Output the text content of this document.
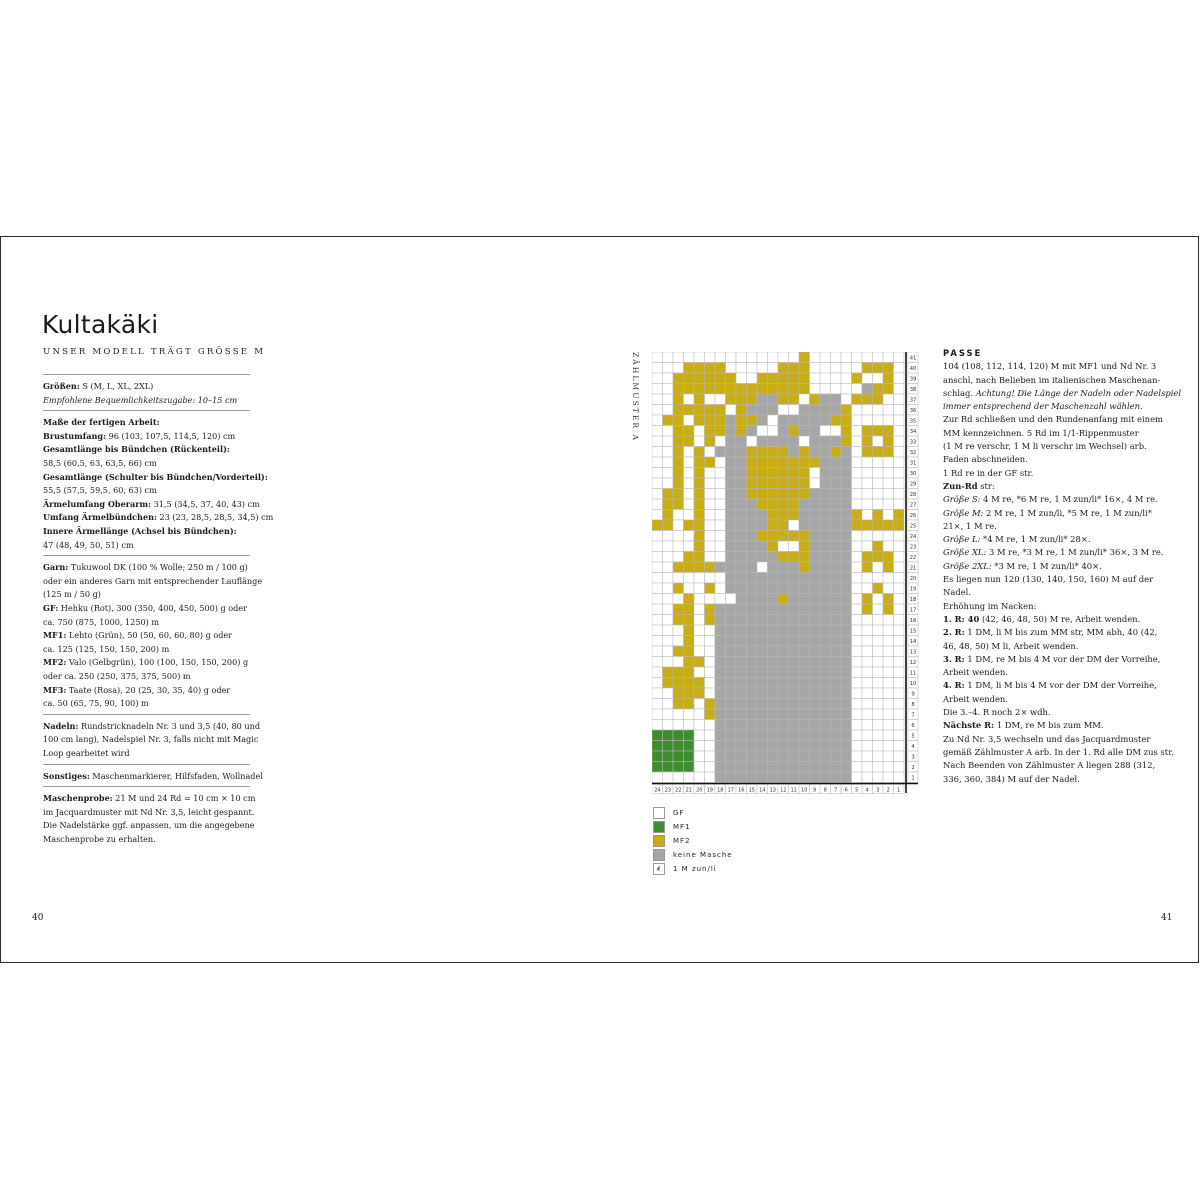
Kultakäki
UNSER MODELL TRÄGT GRÖSSE M
Größen: S (M, L, XL, 2XL)
Empfohlene Bequemlichkeitszugabe: 10–15 cm
Maße der fertigen Arbeit:
Brustumfang: 96 (103, 107,5, 114,5, 120) cm
Gesamtlänge bis Bündchen (Rückenteil):
58,5 (60,5, 63, 63,5, 66) cm
Gesamtlänge (Schulter bis Bündchen/Vorderteil):
55,5 (57,5, 59,5, 60, 63) cm
Ärmelumfang Oberarm: 31,5 (34,5, 37, 40, 43) cm
Umfang Ärmelbündchen: 23 (23, 28,5, 28,5, 34,5) cm
Innere Ärmellänge (Achsel bis Bündchen):
47 (48, 49, 50, 51) cm
Garn: Tukuwool DK (100 % Wolle; 250 m / 100 g)
oder ein anderes Garn mit entsprechender Lauflänge
(125 m / 50 g)
GF: Hehku (Rot), 300 (350, 400, 450, 500) g oder
ca. 750 (875, 1000, 1250) m
MF1: Lehto (Grün), 50 (50, 60, 60, 80) g oder
ca. 125 (125, 150, 150, 200) m
MF2: Valo (Gelbgrün), 100 (100, 150, 150, 200) g
oder ca. 250 (250, 375, 375, 500) m
MF3: Taate (Rosa), 20 (25, 30, 35, 40) g oder
ca. 50 (65, 75, 90, 100) m
Nadeln: Rundstricknadeln Nr. 3 und 3,5 (40, 80 und
100 cm lang), Nadelspiel Nr. 3, falls nicht mit Magic
Loop gearbeitet wird
Sonstiges: Maschenmarkierer, Hilfsfaden, Wollnadel
Maschenprobe: 21 M und 24 Rd = 10 cm × 10 cm
im Jacquardmuster mit Nd Nr. 3,5, leicht gespannt.
Die Nadelstärke ggf. anpassen, um die angegebene
Maschenprobe zu erhalten.
ZÄHLMUSTER A	41
40
39
38
37
36
35
34
33
32
31
30
29
28
27
26
25
24
23
22
21
20
19
18
17
16
15
14
13
12
11
10
9
8
7
6
5
4
3
2
1
24 23 22 21 20 19 18 17 16 15 14 13 12 11 10 9 8 7 6 5 4 3 2 1
GF
MF1
MF2
keine Masche
1 M zun/li
PASSE
104 (108, 112, 114, 120) M mit MF1 und Nd Nr. 3
anschl, nach Belieben im italienischen Maschenan-
schlag. Achtung! Die Länge der Nadeln oder Nadelspiel
immer entsprechend der Maschenzahl wählen.
Zur Rd schließen und den Rundenanfang mit einem
MM kennzeichnen. 5 Rd im 1/1-Rippenmuster
(1 M re verschr, 1 M li verschr im Wechsel) arb.
Faden abschneiden.
1 Rd re in der GF str.
Zun-Rd str:
Größe S: 4 M re, *6 M re, 1 M zun/li* 16×, 4 M re.
Größe M: 2 M re, 1 M zun/li, *5 M re, 1 M zun/li*
21×, 1 M re.
Größe L: *4 M re, 1 M zun/li* 28×.
Größe XL: 3 M re, *3 M re, 1 M zun/li* 36×, 3 M re.
Größe 2XL: *3 M re, 1 M zun/li* 40×.
Es liegen nun 120 (130, 140, 150, 160) M auf der
Nadel.
Erhöhung im Nacken:
1. R: 40 (42, 46, 48, 50) M re, Arbeit wenden.
2. R: 1 DM, li M bis zum MM str, MM abh, 40 (42,
46, 48, 50) M li, Arbeit wenden.
3. R: 1 DM, re M bis 4 M vor der DM der Vorreihe,
Arbeit wenden.
4. R: 1 DM, li M bis 4 M vor der DM der Vorreihe,
Arbeit wenden.
Die 3.–4. R noch 2× wdh.
Nächste R: 1 DM, re M bis zum MM.
Zu Nd Nr. 3,5 wechseln und das Jacquardmuster
gemäß Zählmuster A arb. In der 1. Rd alle DM zus str.
Nach Beenden von Zählmuster A liegen 288 (312,
336, 360, 384) M auf der Nadel.
40	41
